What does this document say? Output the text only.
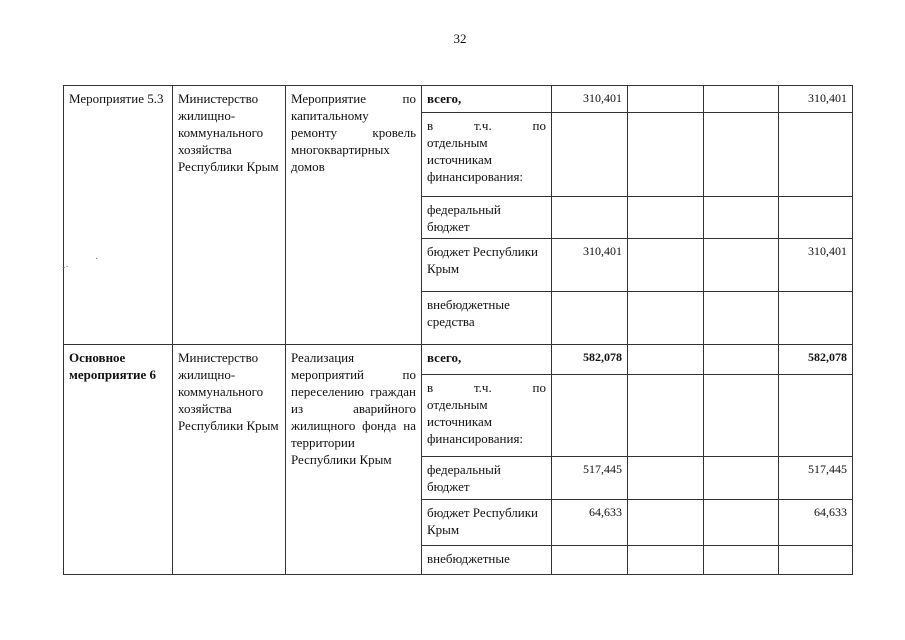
32
Мероприятие 5.3	Министерство жилищно-коммунального хозяйства Республики Крым	Мероприятие по капитальному ремонту кровель многоквартирных домов	всего,	310,401			310,401

			в т.ч. по
отдельным источникам финансирования:				

			федеральный бюджет				
			бюджет Республики Крым	310,401			310,401
			внебюджетные средства				
Основное мероприятие 6	Министерство жилищно-коммунального хозяйства Республики Крым	Реализация мероприятий по переселению граждан из аварийного жилищного фонда на территории Республики Крым	всего,	582,078			582,078

			в т.ч. по
отдельным источникам финансирования:				

			федеральный бюджет	517,445			517,445
			бюджет Республики Крым	64,633			64,633
			внебюджетные				
-·
·
